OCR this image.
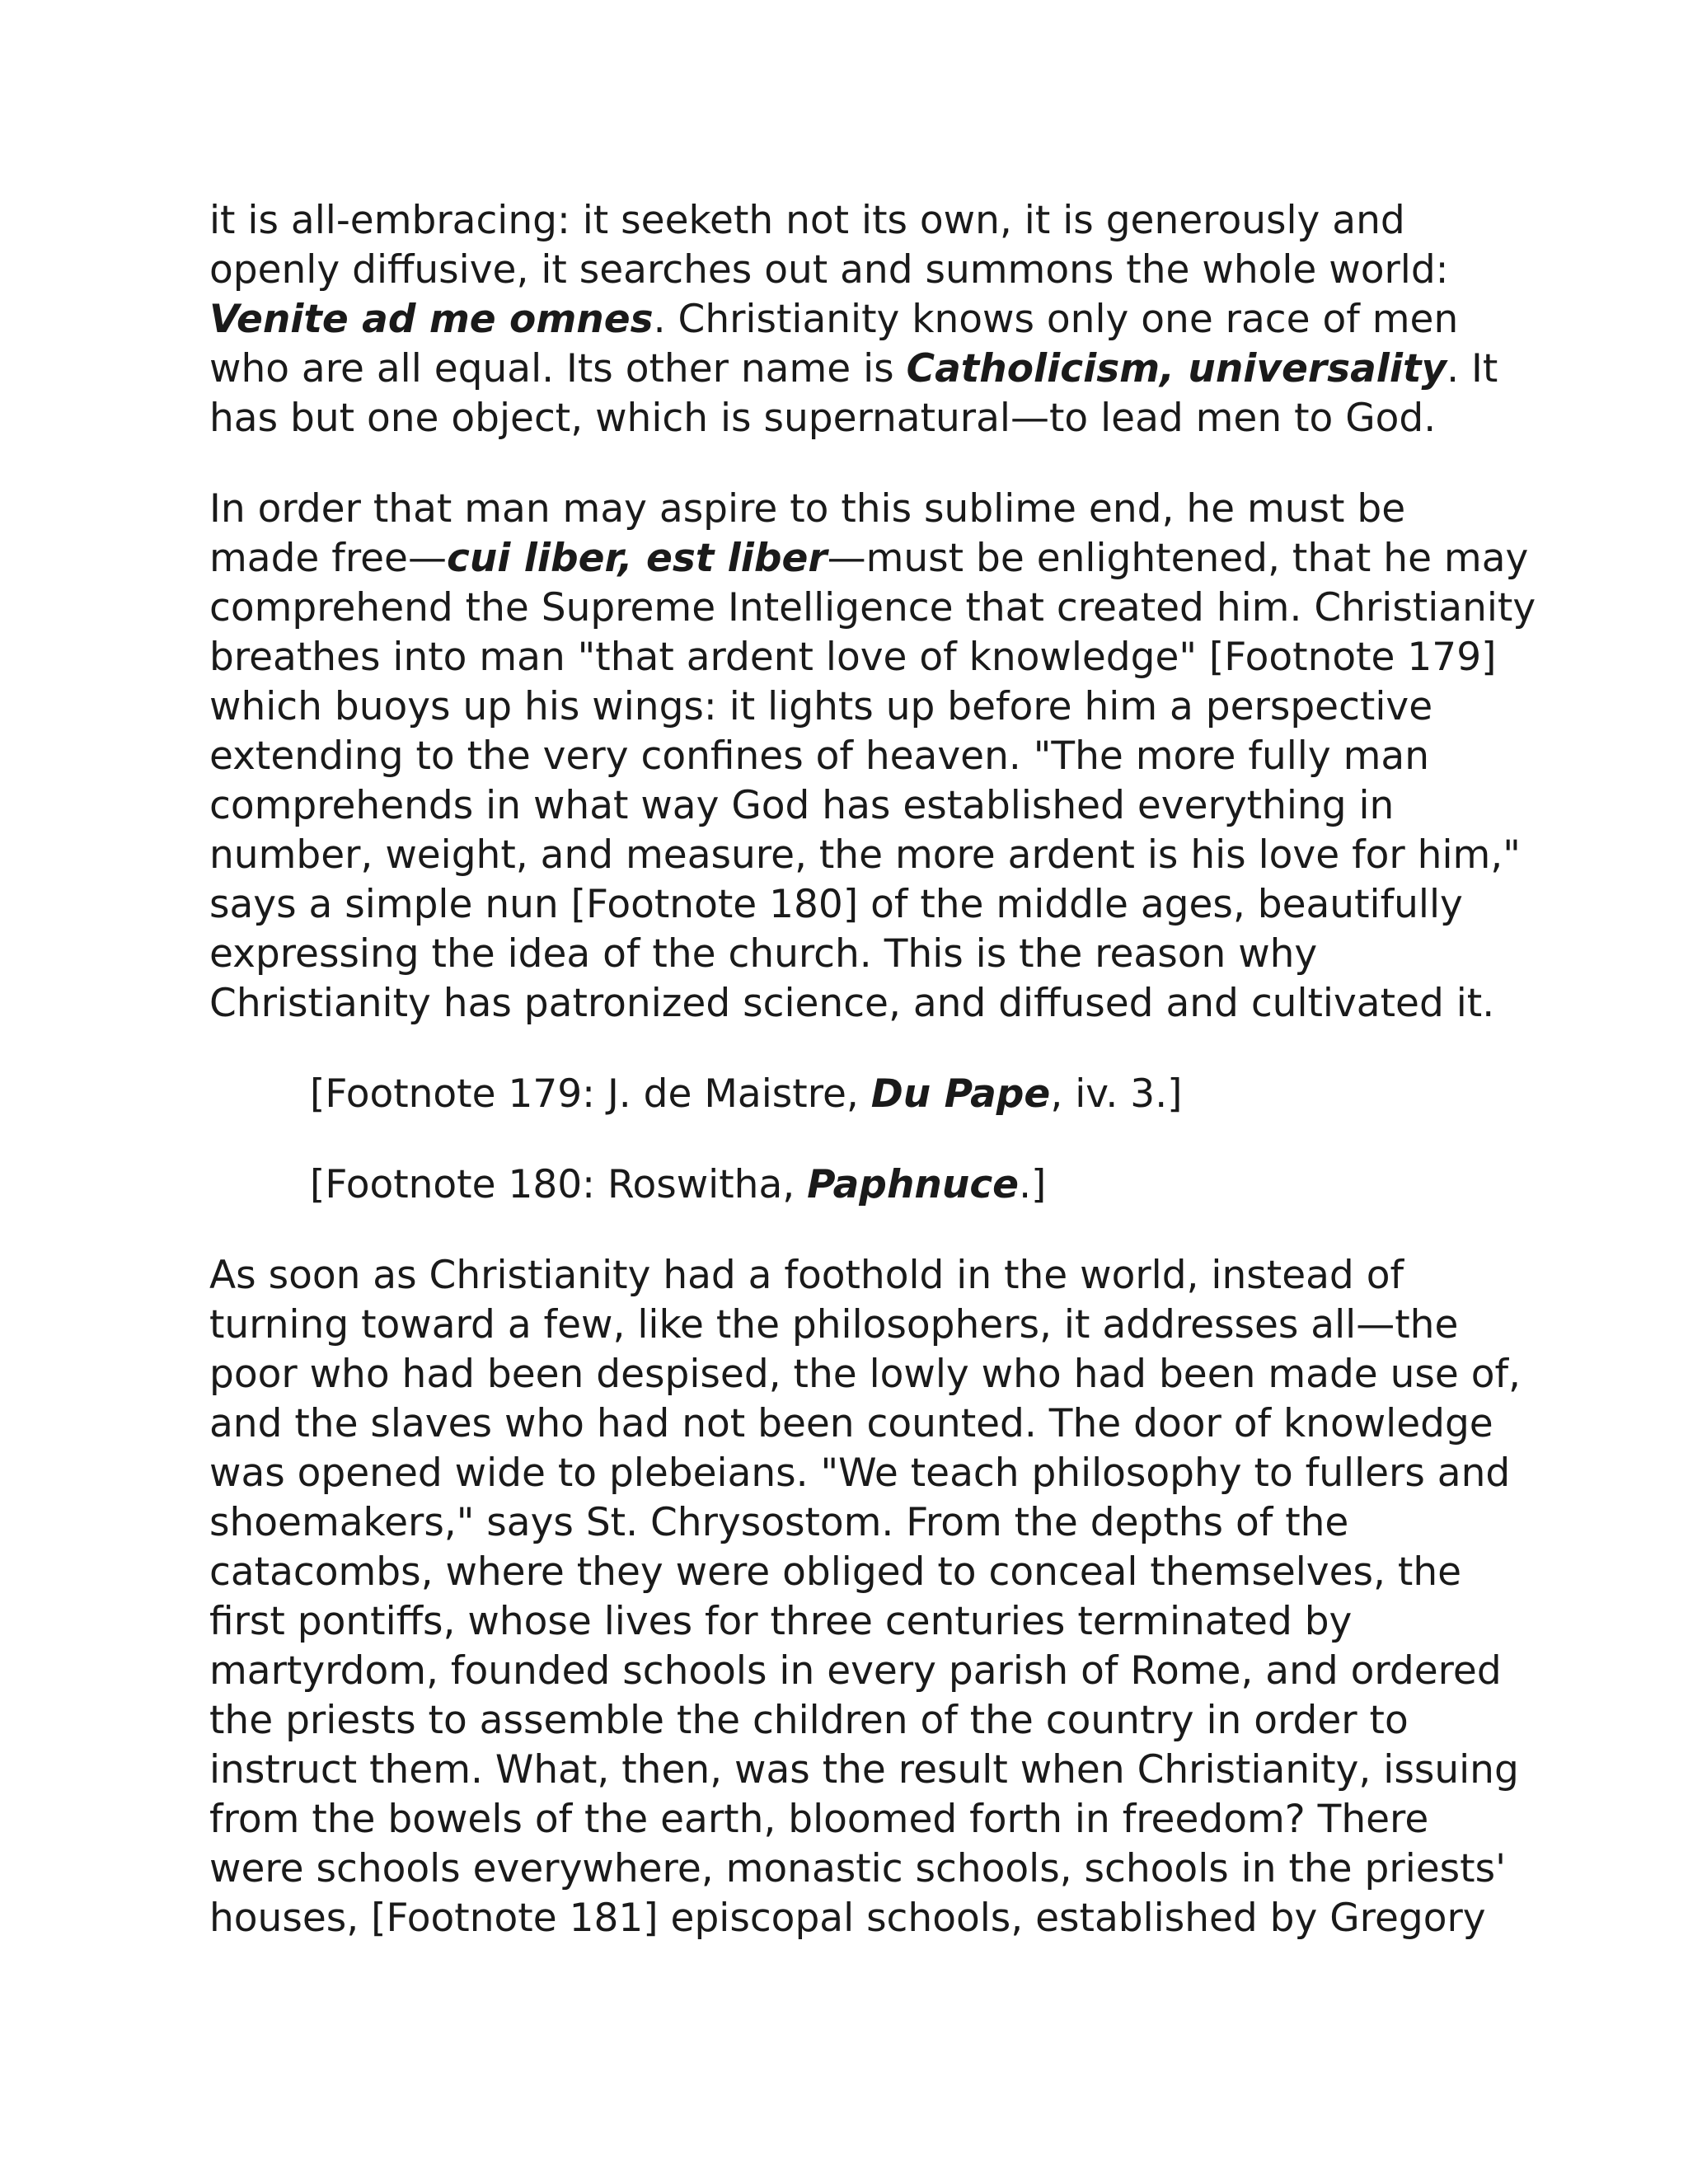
it is all-embracing: it seeketh not its own, it is generously and
openly diffusive, it searches out and summons the whole world:
Venite ad me omnes. Christianity knows only one race of men
who are all equal. Its other name is Catholicism, universality. It
has but one object, which is supernatural—to lead men to God.
In order that man may aspire to this sublime end, he must be
made free—cui liber, est liber—must be enlightened, that he may
comprehend the Supreme Intelligence that created him. Christianity
breathes into man "that ardent love of knowledge" [Footnote 179]
which buoys up his wings: it lights up before him a perspective
extending to the very confines of heaven. "The more fully man
comprehends in what way God has established everything in
number, weight, and measure, the more ardent is his love for him,"
says a simple nun [Footnote 180] of the middle ages, beautifully
expressing the idea of the church. This is the reason why
Christianity has patronized science, and diffused and cultivated it.
[Footnote 179: J. de Maistre, Du Pape, iv. 3.]
[Footnote 180: Roswitha, Paphnuce.]
As soon as Christianity had a foothold in the world, instead of
turning toward a few, like the philosophers, it addresses all—the
poor who had been despised, the lowly who had been made use of,
and the slaves who had not been counted. The door of knowledge
was opened wide to plebeians. "We teach philosophy to fullers and
shoemakers," says St. Chrysostom. From the depths of the
catacombs, where they were obliged to conceal themselves, the
first pontiffs, whose lives for three centuries terminated by
martyrdom, founded schools in every parish of Rome, and ordered
the priests to assemble the children of the country in order to
instruct them. What, then, was the result when Christianity, issuing
from the bowels of the earth, bloomed forth in freedom? There
were schools everywhere, monastic schools, schools in the priests'
houses, [Footnote 181] episcopal schools, established by Gregory
